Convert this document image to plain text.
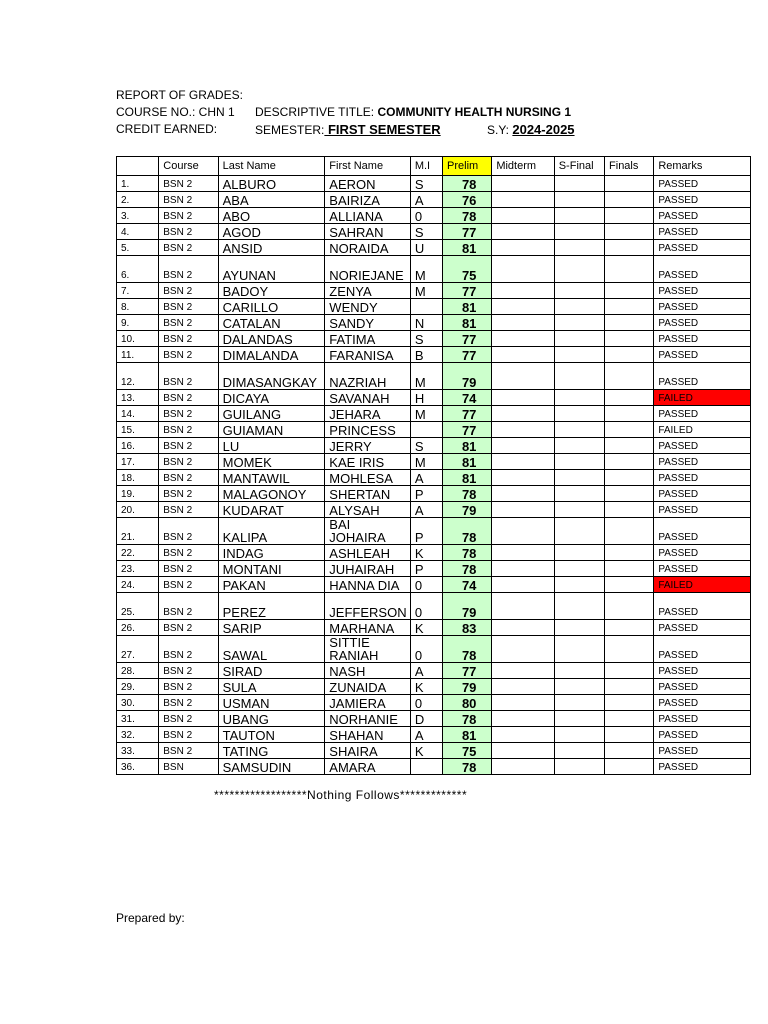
REPORT OF GRADES:
COURSE NO.: CHN 1 DESCRIPTIVE TITLE: COMMUNITY HEALTH NURSING 1
CREDIT EARNED:	SEMESTER: FIRST SEMESTER	S.Y: 2024-2025
	Course	Last Name	First Name	M.I	Prelim	Midterm	S-Final	Finals	Remarks
1.	BSN 2	ALBURO	AERON	S	78				PASSED
2.	BSN 2	ABA	BAIRIZA	A	76				PASSED
3.	BSN 2	ABO	ALLIANA	0	78				PASSED
4.	BSN 2	AGOD	SAHRAN	S	77				PASSED
5.	BSN 2	ANSID	NORAIDA	U	81				PASSED
6.	BSN 2	AYUNAN	NORIEJANE	M	75				PASSED
7.	BSN 2	BADOY	ZENYA	M	77				PASSED
8.	BSN 2	CARILLO	WENDY		81				PASSED
9.	BSN 2	CATALAN	SANDY	N	81				PASSED
10.	BSN 2	DALANDAS	FATIMA	S	77				PASSED
11.	BSN 2	DIMALANDA	FARANISA	B	77				PASSED
12.	BSN 2	DIMASANGKAY	NAZRIAH	M	79				PASSED
13.	BSN 2	DICAYA	SAVANAH	H	74				FAILED
14.	BSN 2	GUILANG	JEHARA	M	77				PASSED
15.	BSN 2	GUIAMAN	PRINCESS		77				FAILED
16.	BSN 2	LU	JERRY	S	81				PASSED
17.	BSN 2	MOMEK	KAE IRIS	M	81				PASSED
18.	BSN 2	MANTAWIL	MOHLESA	A	81				PASSED
19.	BSN 2	MALAGONOY	SHERTAN	P	78				PASSED
20.	BSN 2	KUDARAT	ALYSAH	A	79				PASSED
21.	BSN 2	KALIPA	BAI JOHAIRA	P	78				PASSED
22.	BSN 2	INDAG	ASHLEAH	K	78				PASSED
23.	BSN 2	MONTANI	JUHAIRAH	P	78				PASSED
24.	BSN 2	PAKAN	HANNA DIA	0	74				FAILED
25.	BSN 2	PEREZ	JEFFERSON	0	79				PASSED
26.	BSN 2	SARIP	MARHANA	K	83				PASSED
27.	BSN 2	SAWAL	SITTIE RANIAH	0	78				PASSED
28.	BSN 2	SIRAD	NASH	A	77				PASSED
29.	BSN 2	SULA	ZUNAIDA	K	79				PASSED
30.	BSN 2	USMAN	JAMIERA	0	80				PASSED
31.	BSN 2	UBANG	NORHANIE	D	78				PASSED
32.	BSN 2	TAUTON	SHAHAN	A	81				PASSED
33.	BSN 2	TATING	SHAIRA	K	75				PASSED
36.	BSN	SAMSUDIN	AMARA		78				PASSED
******************Nothing Follows*************
Prepared by:
